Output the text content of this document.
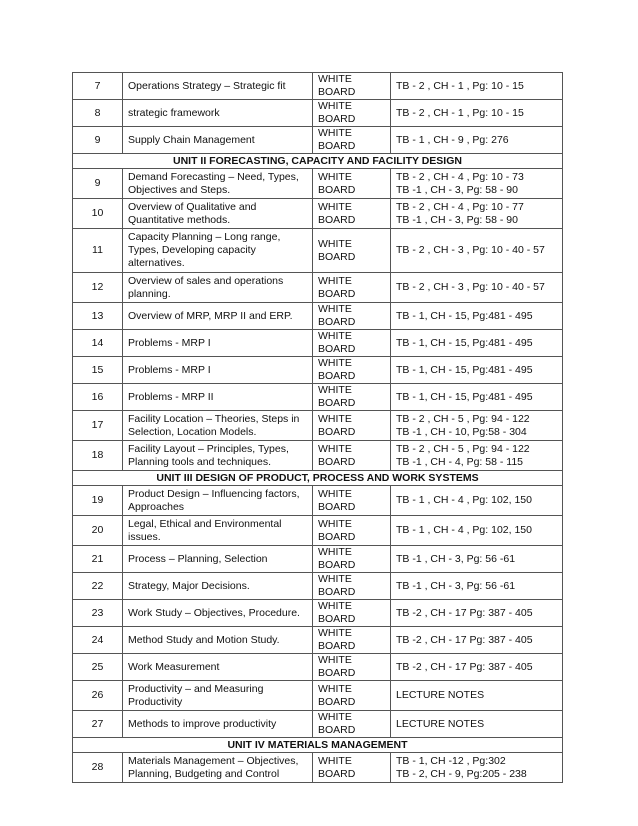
7	Operations Strategy – Strategic fit	WHITE BOARD	TB - 2 , CH - 1 , Pg: 10 - 15

8	strategic framework	WHITE BOARD	TB - 2 , CH - 1 , Pg: 10 - 15

9	Supply Chain Management	WHITE BOARD	TB - 1 , CH - 9 , Pg: 276

UNIT II FORECASTING, CAPACITY AND FACILITY DESIGN			
9	Demand Forecasting – Need, Types,
Objectives and Steps.	WHITE BOARD	TB - 2 , CH - 4 , Pg: 10 - 73
TB -1 , CH - 3, Pg: 58 - 90

10	Overview of Qualitative and
Quantitative methods.	WHITE BOARD	TB - 2 , CH - 4 , Pg: 10 - 77
TB -1 , CH - 3, Pg: 58 - 90

11	Capacity Planning – Long range,
Types, Developing capacity
alternatives.	WHITE BOARD	TB - 2 , CH - 3 , Pg: 10 - 40 - 57

12	Overview of sales and operations
planning.	WHITE BOARD	TB - 2 , CH - 3 , Pg: 10 - 40 - 57

13	Overview of MRP, MRP II and ERP.	WHITE BOARD	TB - 1, CH - 15, Pg:481 - 495

14	Problems - MRP I	WHITE BOARD	TB - 1, CH - 15, Pg:481 - 495

15	Problems - MRP I	WHITE BOARD	TB - 1, CH - 15, Pg:481 - 495

16	Problems - MRP II	WHITE BOARD	TB - 1, CH - 15, Pg:481 - 495

17	Facility Location – Theories, Steps in
Selection, Location Models.	WHITE BOARD	TB - 2 , CH - 5 , Pg: 94 - 122
TB -1 , CH - 10, Pg:58 - 304

18	Facility Layout – Principles, Types,
Planning tools and techniques.	WHITE BOARD	TB - 2 , CH - 5 , Pg: 94 - 122
TB -1 , CH - 4, Pg: 58 - 115

UNIT III DESIGN OF PRODUCT, PROCESS AND WORK SYSTEMS			
19	Product Design – Influencing factors,
Approaches	WHITE BOARD	TB - 1 , CH - 4 , Pg: 102, 150

20	Legal, Ethical and Environmental
issues.	WHITE BOARD	TB - 1 , CH - 4 , Pg: 102, 150

21	Process – Planning, Selection	WHITE BOARD	TB -1 , CH - 3, Pg: 56 -61

22	Strategy, Major Decisions.	WHITE BOARD	TB -1 , CH - 3, Pg: 56 -61

23	Work Study – Objectives, Procedure.	WHITE BOARD	TB -2 , CH - 17 Pg: 387 - 405

24	Method Study and Motion Study.	WHITE BOARD	TB -2 , CH - 17 Pg: 387 - 405

25	Work Measurement	WHITE BOARD	TB -2 , CH - 17 Pg: 387 - 405

26	Productivity – and Measuring
Productivity	WHITE BOARD	LECTURE NOTES

27	Methods to improve productivity	WHITE BOARD	LECTURE NOTES

UNIT IV MATERIALS MANAGEMENT			
28	Materials Management – Objectives,
Planning, Budgeting and Control	WHITE BOARD	TB - 1, CH -12 , Pg:302
TB - 2, CH - 9, Pg:205 - 238
